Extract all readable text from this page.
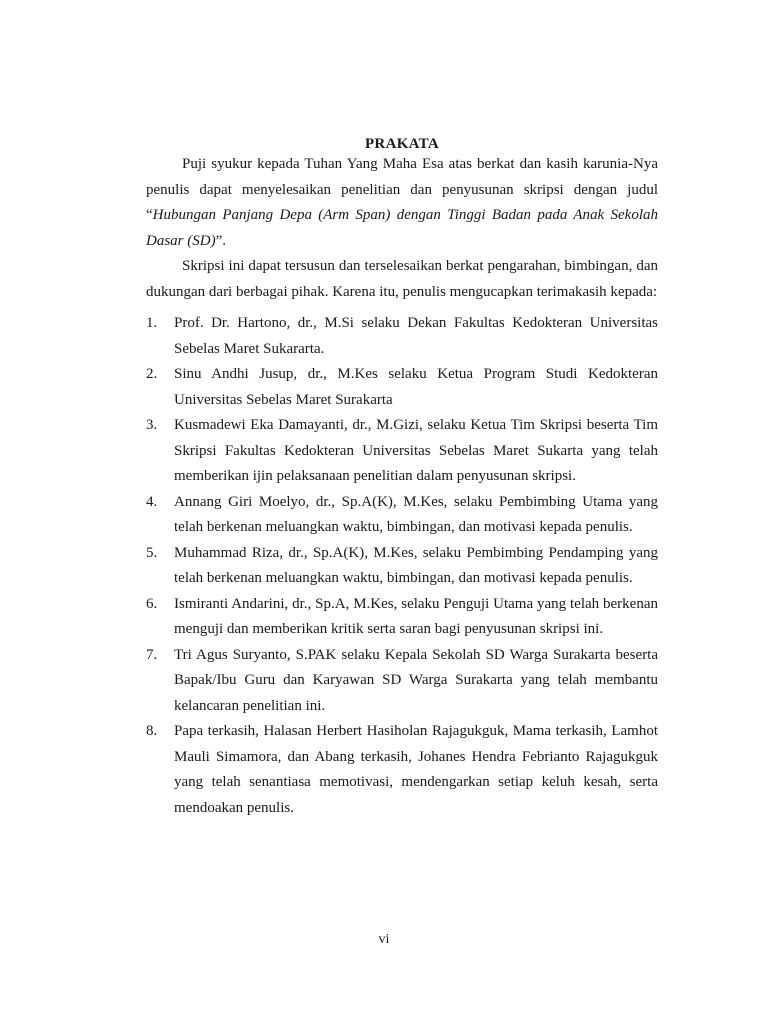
PRAKATA

Puji syukur kepada Tuhan Yang Maha Esa atas berkat dan kasih karunia-Nya penulis dapat menyelesaikan penelitian dan penyusunan skripsi dengan judul “Hubungan Panjang Depa (Arm Span) dengan Tinggi Badan pada Anak Sekolah Dasar (SD)”.

Skripsi ini dapat tersusun dan terselesaikan berkat pengarahan, bimbingan, dan dukungan dari berbagai pihak. Karena itu, penulis mengucapkan terimakasih kepada:

1. Prof. Dr. Hartono, dr., M.Si selaku Dekan Fakultas Kedokteran Universitas Sebelas Maret Sukararta.
2. Sinu Andhi Jusup, dr., M.Kes selaku Ketua Program Studi Kedokteran Universitas Sebelas Maret Surakarta
3. Kusmadewi Eka Damayanti, dr., M.Gizi, selaku Ketua Tim Skripsi beserta Tim Skripsi Fakultas Kedokteran Universitas Sebelas Maret Sukarta yang telah memberikan ijin pelaksanaan penelitian dalam penyusunan skripsi.
4. Annang Giri Moelyo, dr., Sp.A(K), M.Kes, selaku Pembimbing Utama yang telah berkenan meluangkan waktu, bimbingan, dan motivasi kepada penulis.
5. Muhammad Riza, dr., Sp.A(K), M.Kes, selaku Pembimbing Pendamping yang telah berkenan meluangkan waktu, bimbingan, dan motivasi kepada penulis.
6. Ismiranti Andarini, dr., Sp.A, M.Kes, selaku Penguji Utama yang telah berkenan menguji dan memberikan kritik serta saran bagi penyusunan skripsi ini.
7. Tri Agus Suryanto, S.PAK selaku Kepala Sekolah SD Warga Surakarta beserta Bapak/Ibu Guru dan Karyawan SD Warga Surakarta yang telah membantu kelancaran penelitian ini.
8. Papa terkasih, Halasan Herbert Hasiholan Rajagukguk, Mama terkasih, Lamhot Mauli Simamora, dan Abang terkasih, Johanes Hendra Febrianto Rajagukguk yang telah senantiasa memotivasi, mendengarkan setiap keluh kesah, serta mendoakan penulis.
vi
